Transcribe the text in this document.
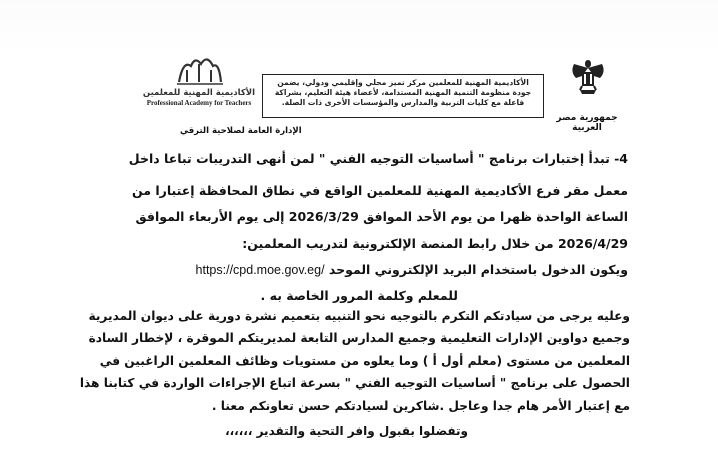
الأكاديمية المهنية للمعلمين
Professional Academy for Teachers
الأكاديمية المهنية للمعلمين مركز تميز محلي وإقليمي ودولي، يضمن جودة منظومة التنمية المهنية المستدامة، لأعضاء هيئة التعليم، بشراكة فاعلة مع كليات التربية والمدارس والمؤسسات الأخرى ذات الصلة.
جمهورية مصر العربية
الإدارة العامة لصلاحية الترقي
4- تبدأ إختبارات برنامج " أساسيات التوجيه الفني " لمن أنهى التدريبات تباعا داخل
معمل مقر فرع الأكاديمية المهنية للمعلمين الواقع في نطاق المحافظة إعتبارا من
الساعة الواحدة ظهرا من يوم الأحد الموافق 2026/3/29 إلى يوم الأربعاء الموافق
2026/4/29 من خلال رابط المنصة الإلكترونية لتدريب المعلمين:
ويكون الدخول باستخدام البريد الإلكتروني الموحد https://cpd.moe.gov.eg/
للمعلم وكلمة المرور الخاصة به .
وعليه يرجى من سيادتكم التكرم بالتوجيه نحو التنبيه بتعميم نشرة دورية على ديوان المديرية
وجميع دواوين الإدارات التعليمية وجميع المدارس التابعة لمديريتكم الموقرة ، لإخطار السادة
المعلمين من مستوى (معلم أول أ ) وما يعلوه من مستويات وظائف المعلمين الراغبين في
الحصول على برنامج " أساسيات التوجيه الفني " بسرعة اتباع الإجراءات الواردة في كتابنا هذا
مع إعتبار الأمر هام جدا وعاجل .شاكرين لسيادتكم حسن تعاونكم معنا .
وتفضلوا بقبول وافر التحية والتقدير ،،،،،،
